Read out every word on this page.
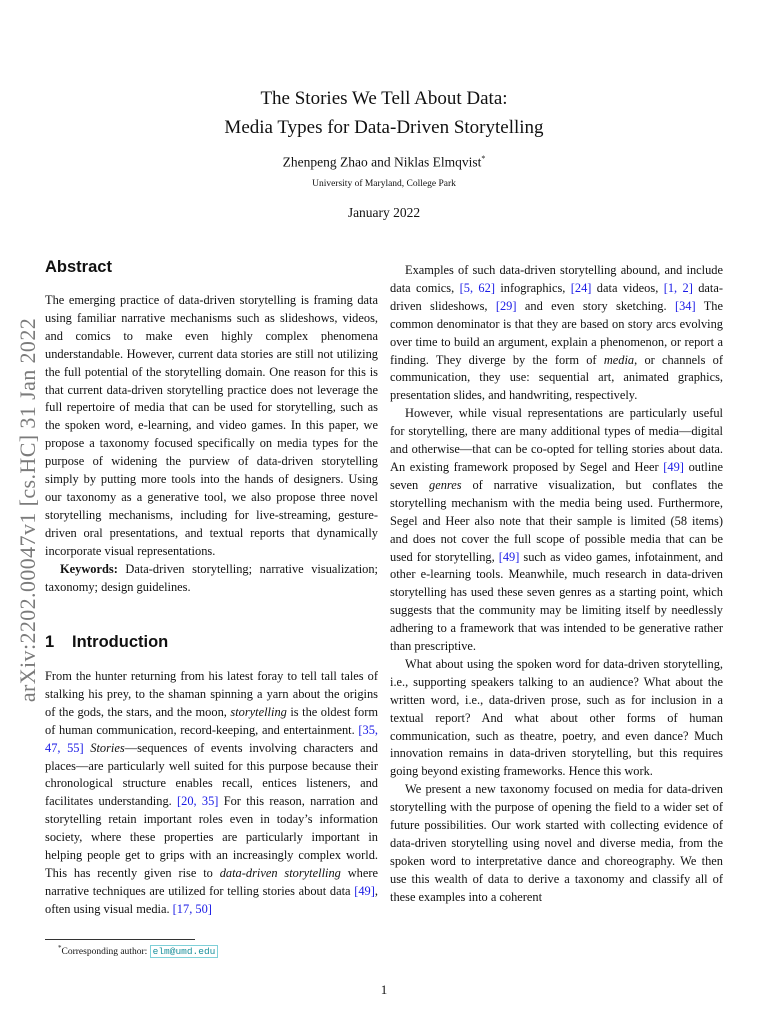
The Stories We Tell About Data:
Media Types for Data-Driven Storytelling
Zhenpeng Zhao and Niklas Elmqvist*
University of Maryland, College Park
January 2022
arXiv:2202.00047v1 [cs.HC] 31 Jan 2022
Abstract

The emerging practice of data-driven storytelling is framing data using familiar narrative mechanisms such as slideshows, videos, and comics to make even highly complex phenomena understandable. However, current data stories are still not utilizing the full potential of the storytelling domain. One reason for this is that current data-driven storytelling practice does not leverage the full repertoire of media that can be used for storytelling, such as the spoken word, e-learning, and video games. In this paper, we propose a taxonomy focused specifically on media types for the purpose of widening the purview of data-driven storytelling simply by putting more tools into the hands of designers. Using our taxonomy as a generative tool, we also propose three novel storytelling mechanisms, including for live-streaming, gesture-driven oral presentations, and textual reports that dynamically incorporate visual representations.

Keywords: Data-driven storytelling; narrative visualization; taxonomy; design guidelines.

1 Introduction

From the hunter returning from his latest foray to tell tall tales of stalking his prey, to the shaman spinning a yarn about the origins of the gods, the stars, and the moon, storytelling is the oldest form of human communication, record-keeping, and entertainment. [35, 47, 55] Stories—sequences of events involving characters and places—are particularly well suited for this purpose because their chronological structure enables recall, entices listeners, and facilitates understanding. [20, 35] For this reason, narration and storytelling retain important roles even in today’s information society, where these properties are particularly important in helping people get to grips with an increasingly complex world. This has recently given rise to data-driven storytelling where narrative techniques are utilized for telling stories about data [49], often using visual media. [17, 50]

Examples of such data-driven storytelling abound, and include data comics, [5, 62] infographics, [24] data videos, [1, 2] data-driven slideshows, [29] and even story sketching. [34] The common denominator is that they are based on story arcs evolving over time to build an argument, explain a phenomenon, or report a finding. They diverge by the form of media, or channels of communication, they use: sequential art, animated graphics, presentation slides, and handwriting, respectively.

However, while visual representations are particularly useful for storytelling, there are many additional types of media—digital and otherwise—that can be co-opted for telling stories about data. An existing framework proposed by Segel and Heer [49] outline seven genres of narrative visualization, but conflates the storytelling mechanism with the media being used. Furthermore, Segel and Heer also note that their sample is limited (58 items) and does not cover the full scope of possible media that can be used for storytelling, [49] such as video games, infotainment, and other e-learning tools. Meanwhile, much research in data-driven storytelling has used these seven genres as a starting point, which suggests that the community may be limiting itself by needlessly adhering to a framework that was intended to be generative rather than prescriptive.

What about using the spoken word for data-driven storytelling, i.e., supporting speakers talking to an audience? What about the written word, i.e., data-driven prose, such as for inclusion in a textual report? And what about other forms of human communication, such as theatre, poetry, and even dance? Much innovation remains in data-driven storytelling, but this requires going beyond existing frameworks. Hence this work.

We present a new taxonomy focused on media for data-driven storytelling with the purpose of opening the field to a wider set of future possibilities. Our work started with collecting evidence of data-driven storytelling using novel and diverse media, from the spoken word to interpretative dance and choreography. We then use this wealth of data to derive a taxonomy and classify all of these examples into a coherent

*Corresponding author: elm@umd.edu
1
